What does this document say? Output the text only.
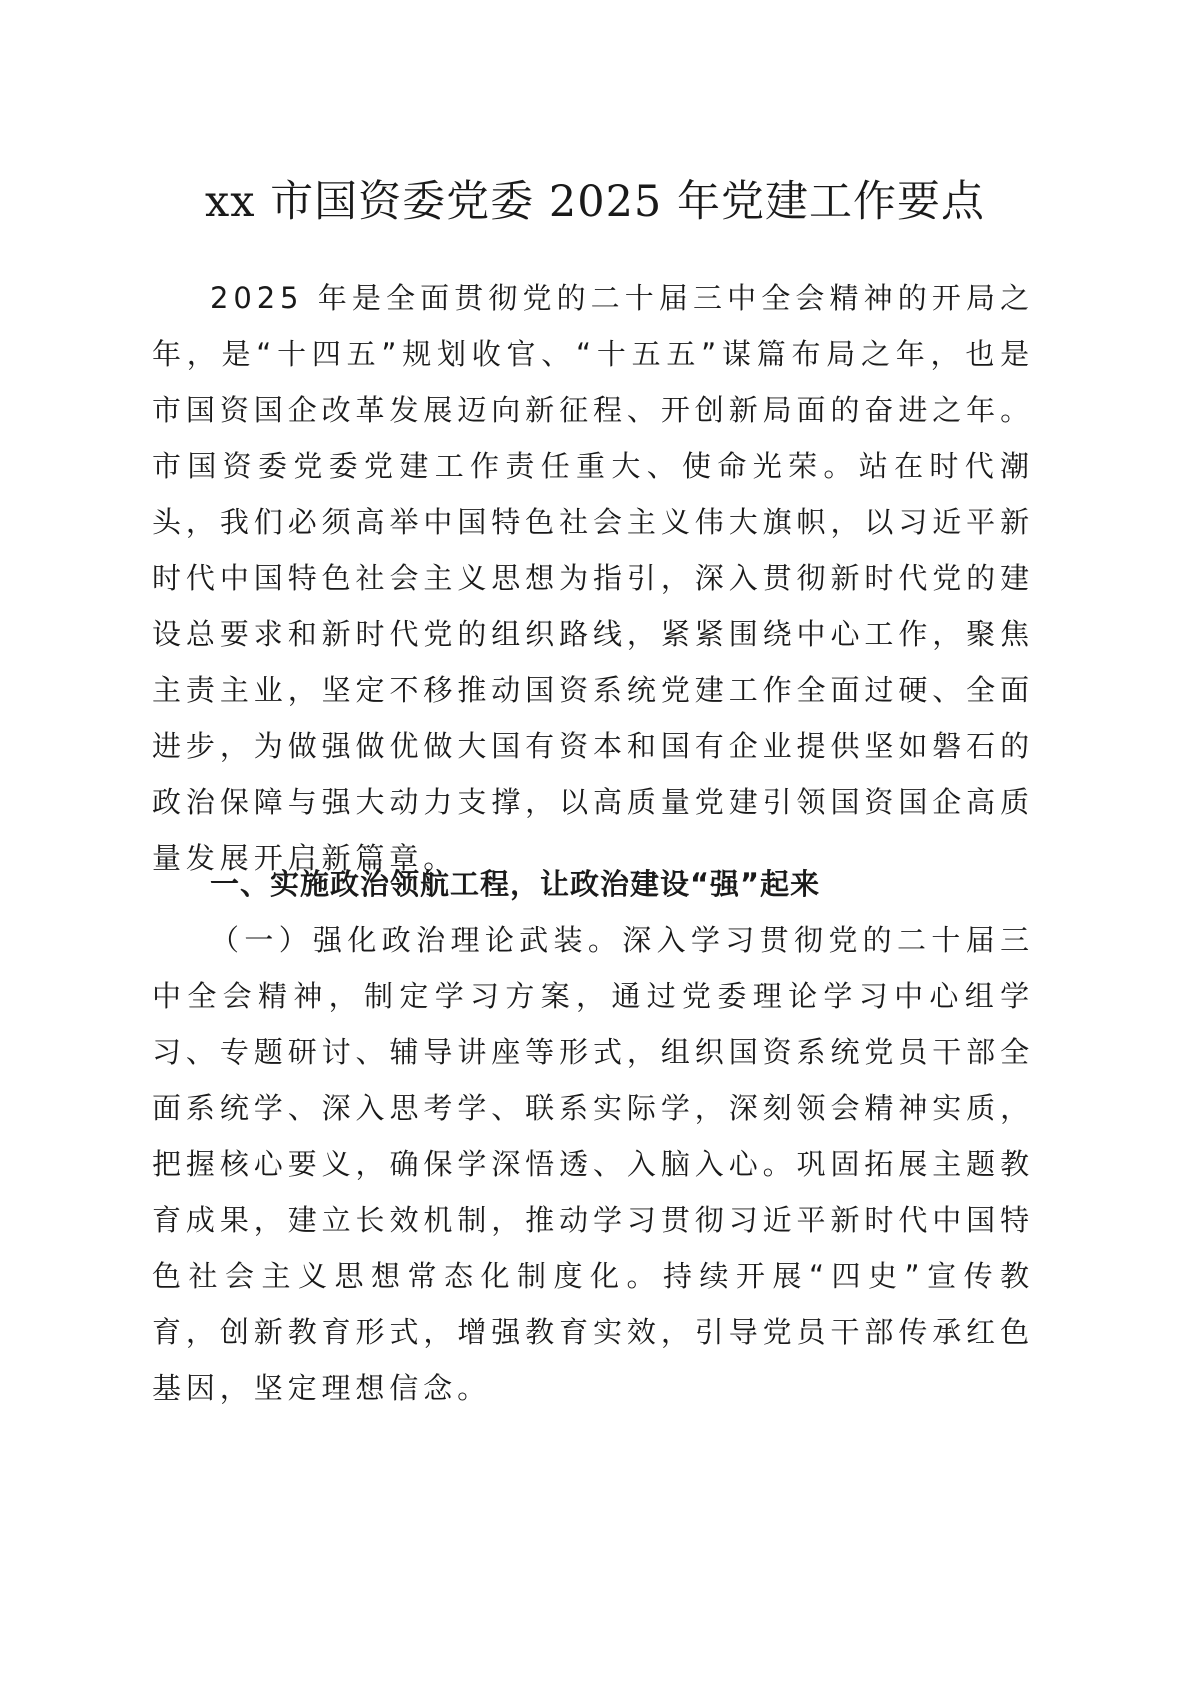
xx 市国资委党委 2025 年党建工作要点

2025 年是全面贯彻党的二十届三中全会精神的开局之年，是“十四五”规划收官、“十五五”谋篇布局之年，也是市国资国企改革发展迈向新征程、开创新局面的奋进之年。市国资委党委党建工作责任重大、使命光荣。站在时代潮头，我们必须高举中国特色社会主义伟大旗帜，以习近平新时代中国特色社会主义思想为指引，深入贯彻新时代党的建设总要求和新时代党的组织路线，紧紧围绕中心工作，聚焦主责主业，坚定不移推动国资系统党建工作全面过硬、全面进步，为做强做优做大国有资本和国有企业提供坚如磐石的政治保障与强大动力支撑，以高质量党建引领国资国企高质量发展开启新篇章。

一、实施政治领航工程，让政治建设“强”起来

（一）强化政治理论武装。深入学习贯彻党的二十届三中全会精神，制定学习方案，通过党委理论学习中心组学习、专题研讨、辅导讲座等形式，组织国资系统党员干部全面系统学、深入思考学、联系实际学，深刻领会精神实质，把握核心要义，确保学深悟透、入脑入心。巩固拓展主题教育成果，建立长效机制，推动学习贯彻习近平新时代中国特色社会主义思想常态化制度化。持续开展“四史”宣传教育，创新教育形式，增强教育实效，引导党员干部传承红色基因，坚定理想信念。
